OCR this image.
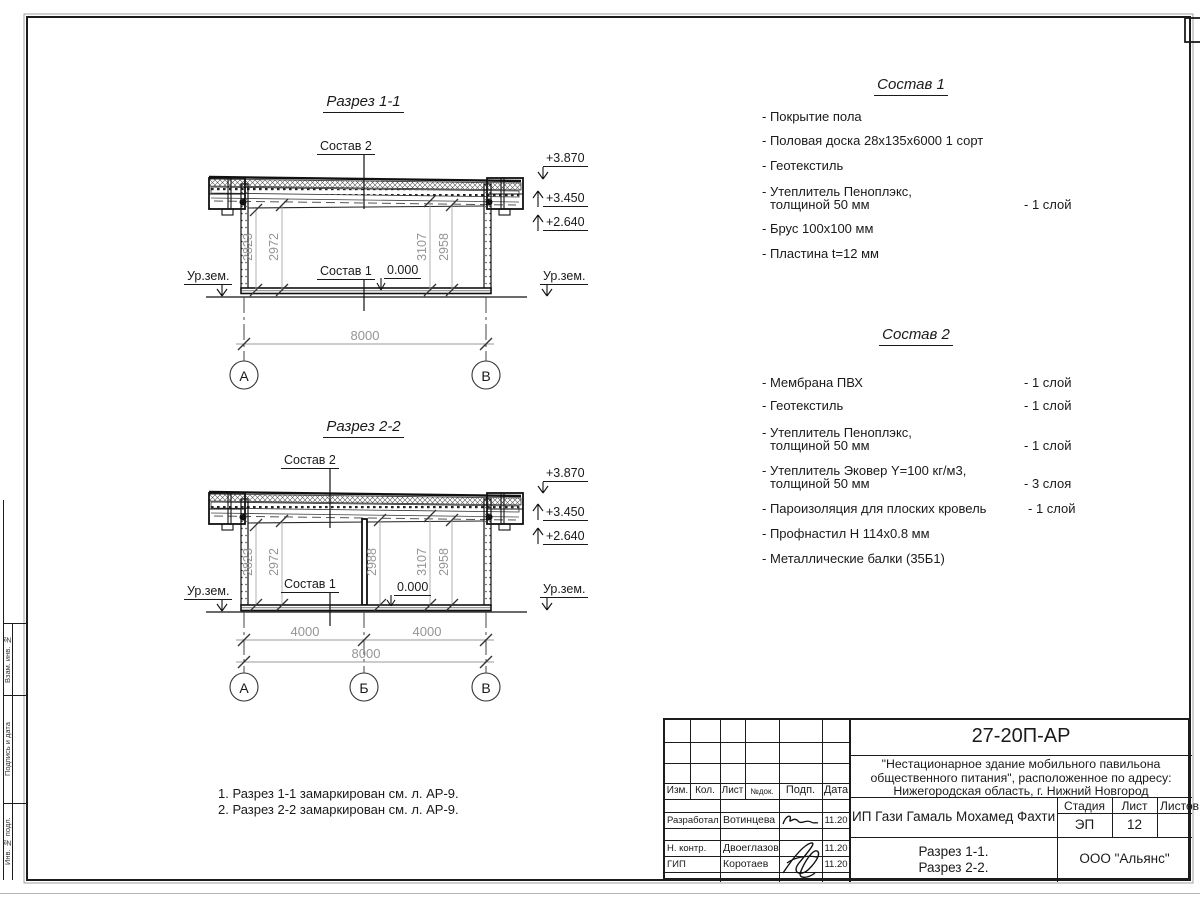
Разрез 1-1
Состав 2
Состав 1 0.000
Ур.зем.	Ур.зем.
+3.870
+3.450
+2.640
2823 2972	3107 2958
8000
А	В
Разрез 2-2
Состав 2
Состав 1	0.000
Ур.зем.	Ур.зем.
+3.870
+3.450
+2.640
2823 2972	2988	3107 2958
4000	4000
8000
А	Б	В
Состав 1
- Покрытие пола
- Половая доска 28х135х6000 1 сорт
- Геотекстиль
- Утеплитель Пеноплэкс,
толщиной 50 мм	- 1 слой
- Брус 100х100 мм
- Пластина t=12 мм
Состав 2
- Мембрана ПВХ	- 1 слой
- Геотекстиль	- 1 слой
- Утеплитель Пеноплэкс,
толщиной 50 мм	- 1 слой
- Утеплитель Эковер Y=100 кг/м3,
толщиной 50 мм	- 3 слоя
- Пароизоляция для плоских кровель	- 1 слой
- Профнастил Н 114х0.8 мм
- Металлические балки (35Б1)
1. Разрез 1-1 замаркирован см. л. АР-9.
2. Разрез 2-2 замаркирован см. л. АР-9.
27-20П-АР
"Нестационарное здание мобильного павильона
общественного питания", расположенное по адресу:
Нижегородская область, г. Нижний Новгород
ИП Гази Гамаль Мохамед Фахти
Стадия	Лист	Листов
ЭП	12
Разрез 1-1.
Разрез 2-2.
ООО "Альянс"
Изм. Кол. Лист №док.	Подп. Дата
Разработал Вотинцева	11.20
Н. контр. Двоеглазов	11.20
ГИП	Коротаев	11.20
Взам. инв. №
Подпись и дата
Инв. № подл.
